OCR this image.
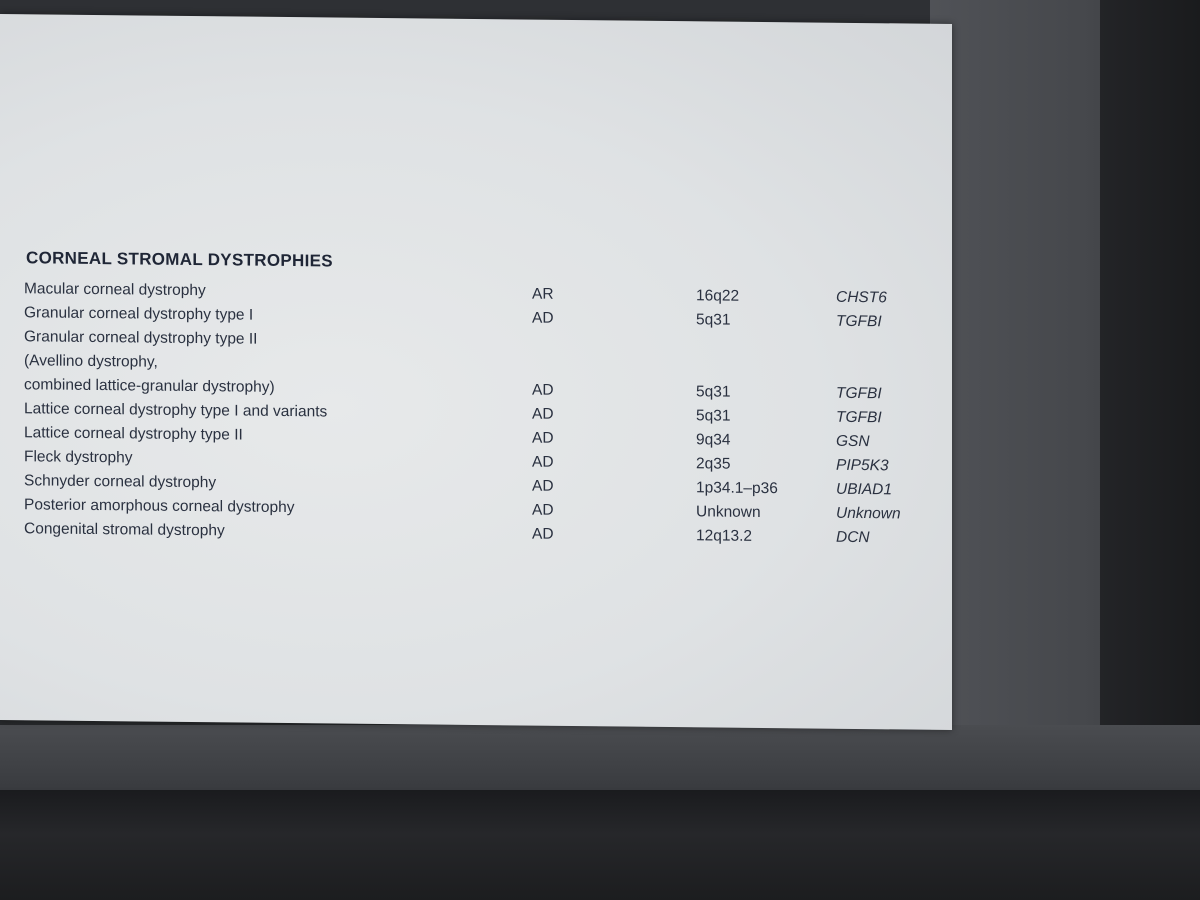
CORNEAL STROMAL DYSTROPHIES
Macular corneal dystrophy	AR	16q22	CHST6
Granular corneal dystrophy type I	AD	5q31	TGFBI
Granular corneal dystrophy type II
(Avellino dystrophy,
combined lattice-granular dystrophy)	AD	5q31	TGFBI
Lattice corneal dystrophy type I and variants	AD	5q31	TGFBI
Lattice corneal dystrophy type II	AD	9q34	GSN
Fleck dystrophy	AD	2q35	PIP5K3
Schnyder corneal dystrophy	AD	1p34.1–p36	UBIAD1
Posterior amorphous corneal dystrophy	AD	Unknown	Unknown
Congenital stromal dystrophy	AD	12q13.2	DCN
